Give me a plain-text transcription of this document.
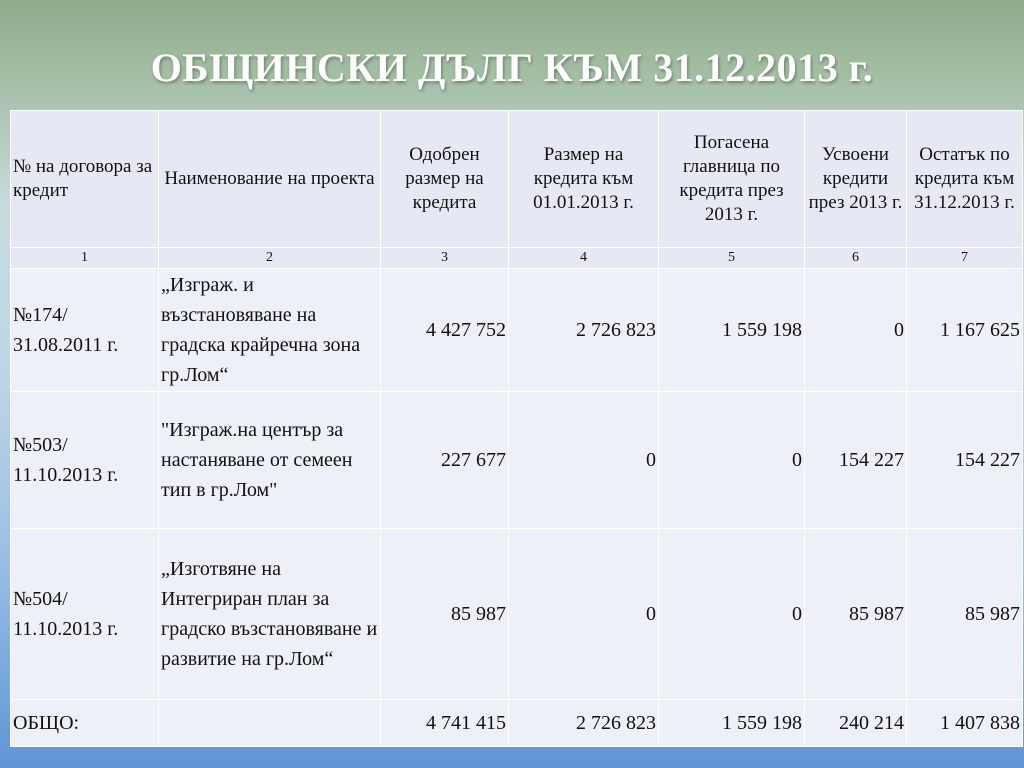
ОБЩИНСКИ ДЪЛГ КЪМ 31.12.2013 г.
№ на договора за кредит	Наименование на проекта	Одобрен размер на кредита	Размер на кредита към 01.01.2013 г.	Погасена главница по кредита през 2013 г.	Усвоени кредити през 2013 г.	Остатък по кредита към 31.12.2013 г.
1	2	3	4	5	6	7
№174/ 31.08.2011 г.	„Изграж. и възстановяване на градска крайречна зона гр.Лом“	4 427 752	2 726 823	1 559 198	0	1 167 625
№503/ 11.10.2013 г.	"Изграж.на център за настаняване от семеен тип в гр.Лом"	227 677	0	0	154 227	154 227
№504/ 11.10.2013 г.	„Изготвяне на Интегриран план за градско възстановяване и развитие на гр.Лом“	85 987	0	0	85 987	85 987
ОБЩО:		4 741 415	2 726 823	1 559 198	240 214	1 407 838
